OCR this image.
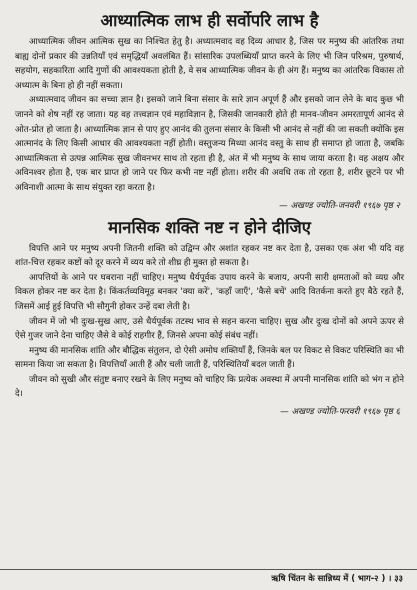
आध्यात्मिक लाभ ही सर्वोपरि लाभ है

आध्यात्मिक जीवन आत्मिक सुख का निश्चित हेतु है। अध्यात्मवाद वह दिव्य आधार है, जिस पर मनुष्य की आंतरिक तथा बाह्य दोनों प्रकार की उन्नतियाँ एवं समृद्धियाँ अवलंबित हैं। सांसारिक उपलब्धियाँ प्राप्त करने के लिए भी जिन परिश्रम, पुरुषार्थ, सहयोग, सहकारिता आदि गुणों की आवश्यकता होती है, वे सब आध्यात्मिक जीवन के ही अंग हैं। मनुष्य का आंतरिक विकास तो अध्यात्म के बिना हो ही नहीं सकता।

अध्यात्मवाद जीवन का सच्चा ज्ञान है। इसको जाने बिना संसार के सारे ज्ञान अपूर्ण हैं और इसको जान लेने के बाद कुछ भी जानने को शेष नहीं रह जाता। यह वह तत्त्वज्ञान एवं महाविज्ञान है, जिसकी जानकारी होते ही मानव-जीवन अमरतापूर्ण आनंद से ओत-प्रोत हो जाता है। आध्यात्मिक ज्ञान से पाए हुए आनंद की तुलना संसार के किसी भी आनंद से नहीं की जा सकती क्योंकि इस आत्मानंद के लिए किसी आधार की आवश्यकता नहीं होती। वस्तुजन्य मिथ्या आनंद वस्तु के साथ ही समाप्त हो जाता है, जबकि आध्यात्मिकता से उत्पन्न आत्मिक सुख जीवनभर साथ तो रहता ही है, अंत में भी मनुष्य के साथ जाया करता है। वह अक्षय और अविनश्वर होता है, एक बार प्राप्त हो जाने पर फिर कभी नष्ट नहीं होता। शरीर की अवधि तक तो रहता है, शरीर छूटने पर भी अविनाशी आत्मा के साथ संयुक्त रहा करता है।

— अखण्ड ज्योति-जनवरी १९६७ पृष्ठ २
मानसिक शक्ति नष्ट न होने दीजिए

विपत्ति आने पर मनुष्य अपनी जितनी शक्ति को उद्विग्न और अशांत रहकर नष्ट कर देता है, उसका एक अंश भी यदि वह शांत-चित्त रहकर कष्टों को दूर करने में व्यय करे तो शीघ्र ही मुक्त हो सकता है।

आपत्तियों के आने पर घबराना नहीं चाहिए। मनुष्य धैर्यपूर्वक उपाय करने के बजाय, अपनी सारी क्षमताओं को व्यग्र और विकल होकर नष्ट कर देता है। किंकर्तव्यविमूढ़ बनकर 'क्या करें', 'कहाँ जाएँ', 'कैसे बचें' आदि वितर्कना करते हुए बैठे रहते हैं, जिसमें आई हुई विपत्ति भी सौगुनी होकर उन्हें दबा लेती है।

जीवन में जो भी दुःख-सुख आए, उसे धैर्यपूर्वक तटस्थ भाव से सहन करना चाहिए। सुख और दुःख दोनों को अपने ऊपर से ऐसे गुजर जाने देना चाहिए जैसे वे कोई राहगीर हैं, जिनसे अपना कोई संबंध नहीं।

मनुष्य की मानसिक शांति और बौद्धिक संतुलन, दो ऐसी अमोघ शक्तियाँ हैं, जिनके बल पर विकट से विकट परिस्थिति का भी सामना किया जा सकता है। विपत्तियाँ आती हैं और चली जाती हैं, परिस्थितियाँ बदल जाती हैं।

जीवन को सुखी और संतुष्ट बनाए रखने के लिए मनुष्य को चाहिए कि प्रत्येक अवस्था में अपनी मानसिक शांति को भंग न होने दे।

— अखण्ड ज्योति-फरवरी १९६७ पृष्ठ ६
ऋषि चिंतन के सान्निध्य में ( भाग-२ ) । ३३
